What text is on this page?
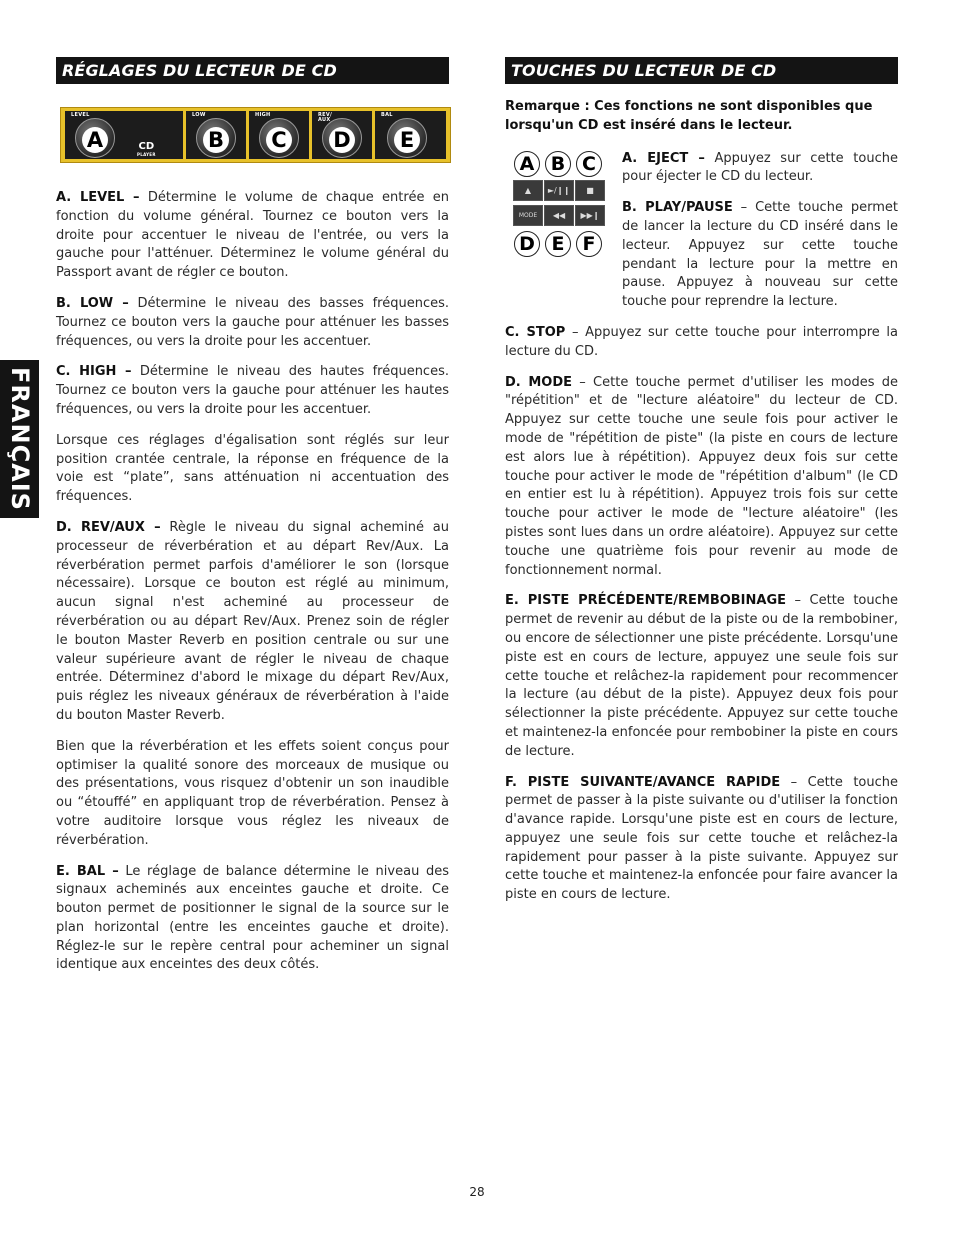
FRANÇAIS
RÉGLAGES DU LECTEUR DE CD
LEVEL
A	CD
PLAYER
LOW
B
HIGH
C
REV/ AUX
D
BAL
E

A. LEVEL – Détermine le volume de chaque entrée en fonction du volume général. Tournez ce bouton vers la droite pour accentuer le niveau de l'entrée, ou vers la gauche pour l'atténuer. Déterminez le volume général du Passport avant de régler ce bouton.

B. LOW – Détermine le niveau des basses fréquences. Tournez ce bouton vers la gauche pour atténuer les basses fréquences, ou vers la droite pour les accentuer.

C. HIGH – Détermine le niveau des hautes fréquences. Tournez ce bouton vers la gauche pour atténuer les hautes fréquences, ou vers la droite pour les accentuer.

Lorsque ces réglages d'égalisation sont réglés sur leur position crantée centrale, la réponse en fréquence de la voie est “plate”, sans atténuation ni accentuation des fréquences.

D. REV/AUX – Règle le niveau du signal acheminé au processeur de réverbération et au départ Rev/Aux. La réverbération permet parfois d'améliorer le son (lorsque nécessaire). Lorsque ce bouton est réglé au minimum, aucun signal n'est acheminé au processeur de réverbération ou au départ Rev/Aux. Prenez soin de régler le bouton Master Reverb en position centrale ou sur une valeur supérieure avant de régler le niveau de chaque entrée. Déterminez d'abord le mixage du départ Rev/Aux, puis réglez les niveaux généraux de réverbération à l'aide du bouton Master Reverb.

Bien que la réverbération et les effets soient conçus pour optimiser la qualité sonore des morceaux de musique ou des présentations, vous risquez d'obtenir un son inaudible ou “étouffé” en appliquant trop de réverbération. Pensez à votre auditoire lorsque vous réglez les niveaux de réverbération.

E. BAL – Le réglage de balance détermine le niveau des signaux acheminés aux enceintes gauche et droite. Ce bouton permet de positionner le signal de la source sur le plan horizontal (entre les enceintes gauche et droite). Réglez-le sur le repère central pour acheminer un signal identique aux enceintes des deux côtés.

TOUCHES DU LECTEUR DE CD
Remarque : Ces fonctions ne sont disponibles que lorsqu'un CD est inséré dans le lecteur.
A B C
▲	►/❙❙	■
MODE	◀◀	▶▶❙
D E F

A. EJECT – Appuyez sur cette touche pour éjecter le CD du lecteur.

B. PLAY/PAUSE – Cette touche permet de lancer la lecture du CD inséré dans le lecteur. Appuyez sur cette touche pendant la lecture pour la mettre en pause. Appuyez à nouveau sur cette touche pour reprendre la lecture.

C. STOP – Appuyez sur cette touche pour interrompre la lecture du CD.

D. MODE – Cette touche permet d'utiliser les modes de "répétition" et de "lecture aléatoire" du lecteur de CD. Appuyez sur cette touche une seule fois pour activer le mode de "répétition de piste" (la piste en cours de lecture est alors lue à répétition). Appuyez deux fois sur cette touche pour activer le mode de "répétition d'album" (le CD en entier est lu à répétition). Appuyez trois fois sur cette touche pour activer le mode de "lecture aléatoire" (les pistes sont lues dans un ordre aléatoire). Appuyez sur cette touche une quatrième fois pour revenir au mode de fonctionnement normal.

E. PISTE PRÉCÉDENTE/REMBOBINAGE – Cette touche permet de revenir au début de la piste ou de la rembobiner, ou encore de sélectionner une piste précédente. Lorsqu'une piste est en cours de lecture, appuyez une seule fois sur cette touche et relâchez-la rapidement pour recommencer la lecture (au début de la piste). Appuyez deux fois pour sélectionner la piste précédente. Appuyez sur cette touche et maintenez-la enfoncée pour rembobiner la piste en cours de lecture.

F. PISTE SUIVANTE/AVANCE RAPIDE – Cette touche permet de passer à la piste suivante ou d'utiliser la fonction d'avance rapide. Lorsqu'une piste est en cours de lecture, appuyez une seule fois sur cette touche et relâchez-la rapidement pour passer à la piste suivante. Appuyez sur cette touche et maintenez-la enfoncée pour faire avancer la piste en cours de lecture.

28
